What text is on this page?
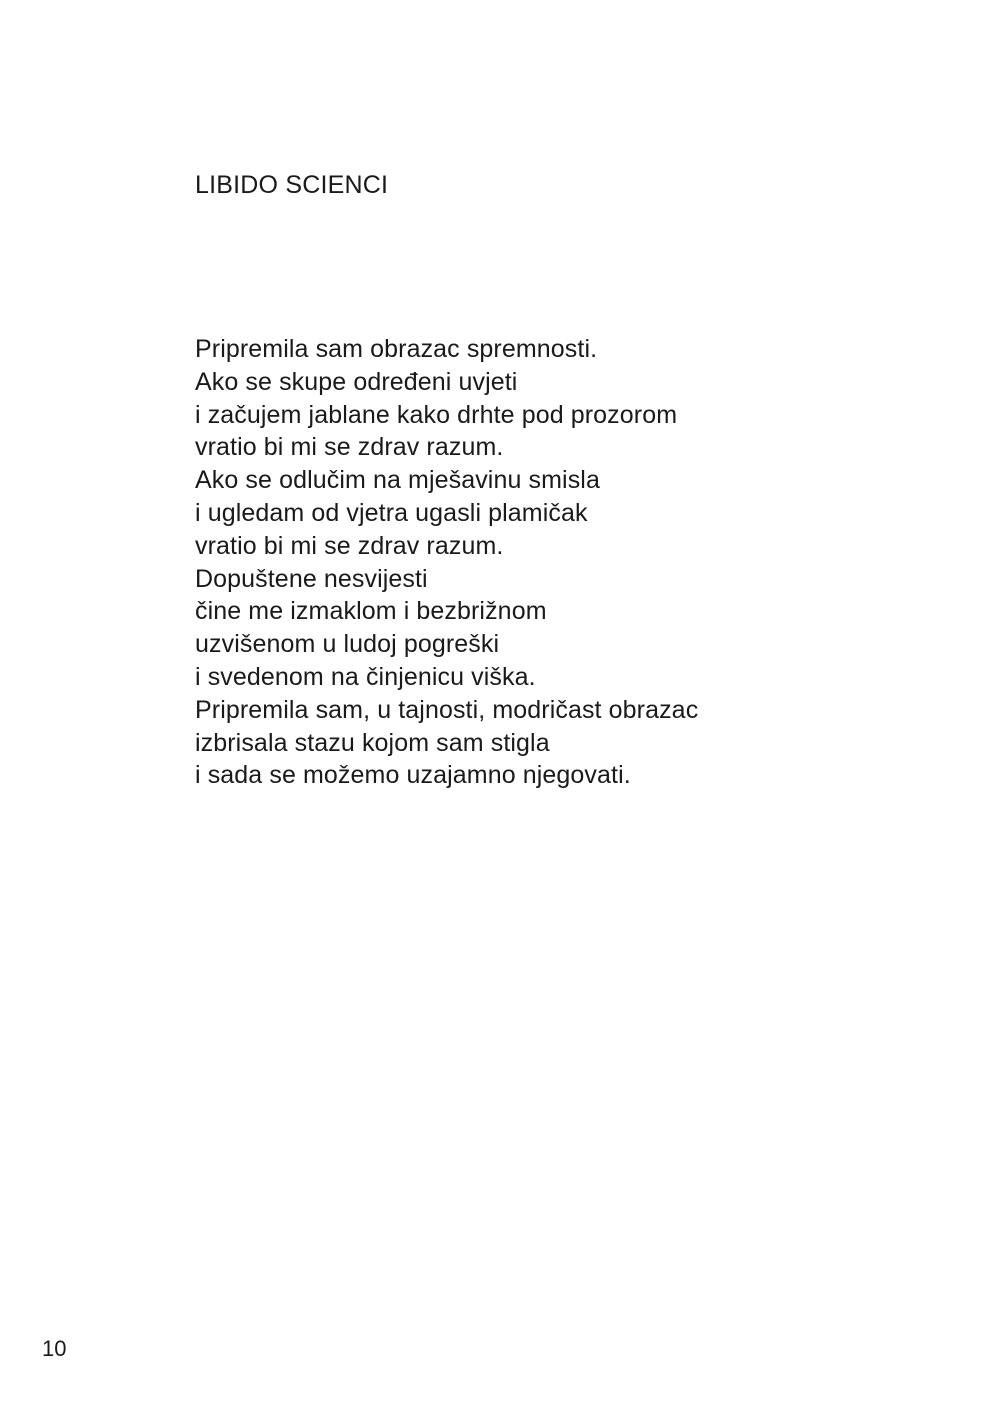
LIBIDO SCIENCI
Pripremila sam obrazac spremnosti.
Ako se skupe određeni uvjeti
i začujem jablane kako drhte pod prozorom
vratio bi mi se zdrav razum.
Ako se odlučim na mješavinu smisla
i ugledam od vjetra ugasli plamičak
vratio bi mi se zdrav razum.
Dopuštene nesvijesti
čine me izmaklom i bezbrižnom
uzvišenom u ludoj pogreški
i svedenom na činjenicu viška.
Pripremila sam, u tajnosti, modričast obrazac
izbrisala stazu kojom sam stigla
i sada se možemo uzajamno njegovati.
10
